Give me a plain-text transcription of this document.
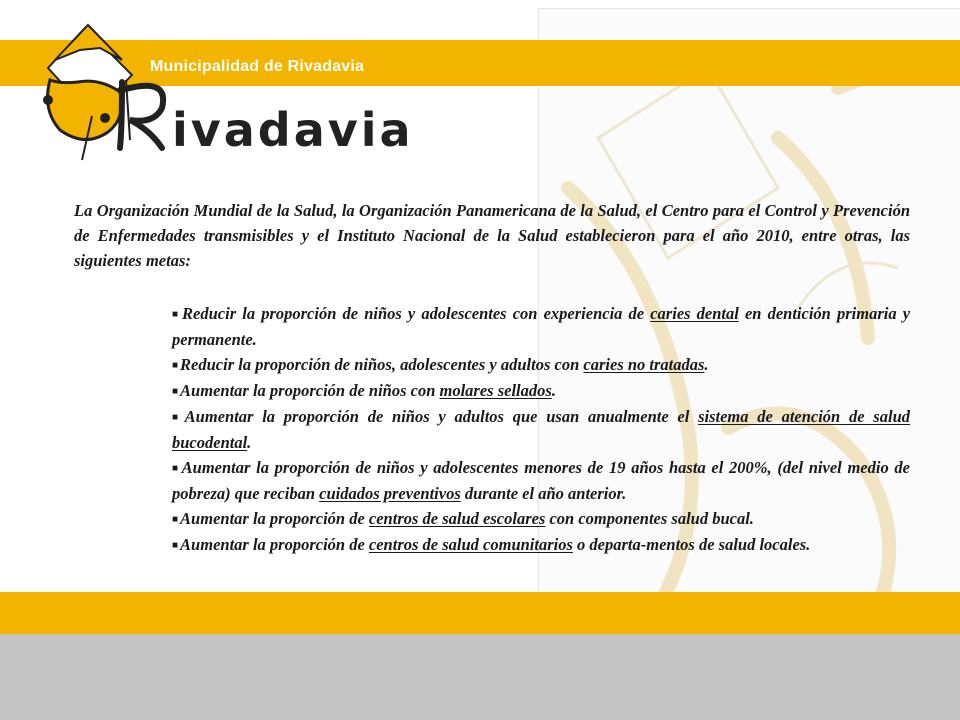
ivadavia
Municipalidad de Rivadavia

La Organización Mundial de la Salud, la Organización Panamericana de la Salud, el Centro para el Control y Prevención de Enfermedades transmisibles y el Instituto Nacional de la Salud establecieron para el año 2010, entre otras, las siguientes metas:

■ Reducir la proporción de niños y adolescentes con experiencia de caries dental en dentición primaria y permanente.
■ Reducir la proporción de niños, adolescentes y adultos con caries no tratadas.
■ Aumentar la proporción de niños con molares sellados.
■ Aumentar la proporción de niños y adultos que usan anualmente el sistema de atención de salud bucodental.
■ Aumentar la proporción de niños y adolescentes menores de 19 años hasta el 200%, (del nivel medio de pobreza) que reciban cuidados preventivos durante el año anterior.
■ Aumentar la proporción de centros de salud escolares con componentes salud bucal.
■ Aumentar la proporción de centros de salud comunitarios o departa-mentos de salud locales.
